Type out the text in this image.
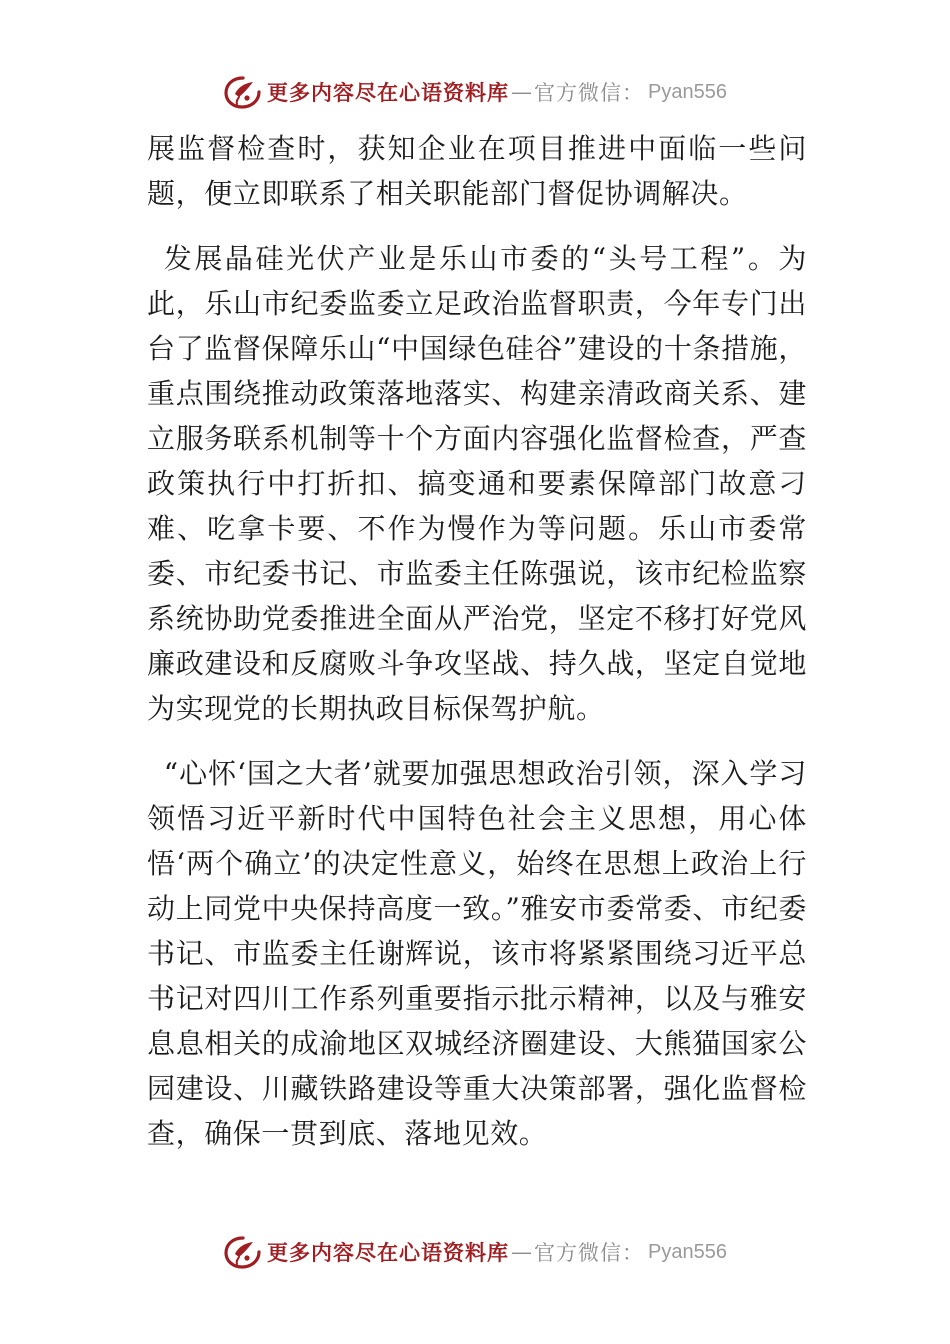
更多内容尽在心语资料库 — 官方微信： Pyan556

展监督检查时，获知企业在项目推进中面临一些问题，便立即联系了相关职能部门督促协调解决。

发展晶硅光伏产业是乐山市委的“头号工程”。为此，乐山市纪委监委立足政治监督职责，今年专门出台了监督保障乐山“中国绿色硅谷”建设的十条措施，重点围绕推动政策落地落实、构建亲清政商关系、建立服务联系机制等十个方面内容强化监督检查，严查政策执行中打折扣、搞变通和要素保障部门故意刁难、吃拿卡要、不作为慢作为等问题。乐山市委常委、市纪委书记、市监委主任陈强说，该市纪检监察系统协助党委推进全面从严治党，坚定不移打好党风廉政建设和反腐败斗争攻坚战、持久战，坚定自觉地为实现党的长期执政目标保驾护航。

“心怀‘国之大者’就要加强思想政治引领，深入学习领悟习近平新时代中国特色社会主义思想，用心体悟‘两个确立’的决定性意义，始终在思想上政治上行动上同党中央保持高度一致。”雅安市委常委、市纪委书记、市监委主任谢辉说，该市将紧紧围绕习近平总书记对四川工作系列重要指示批示精神，以及与雅安息息相关的成渝地区双城经济圈建设、大熊猫国家公园建设、川藏铁路建设等重大决策部署，强化监督检查，确保一贯到底、落地见效。

更多内容尽在心语资料库 — 官方微信： Pyan556
